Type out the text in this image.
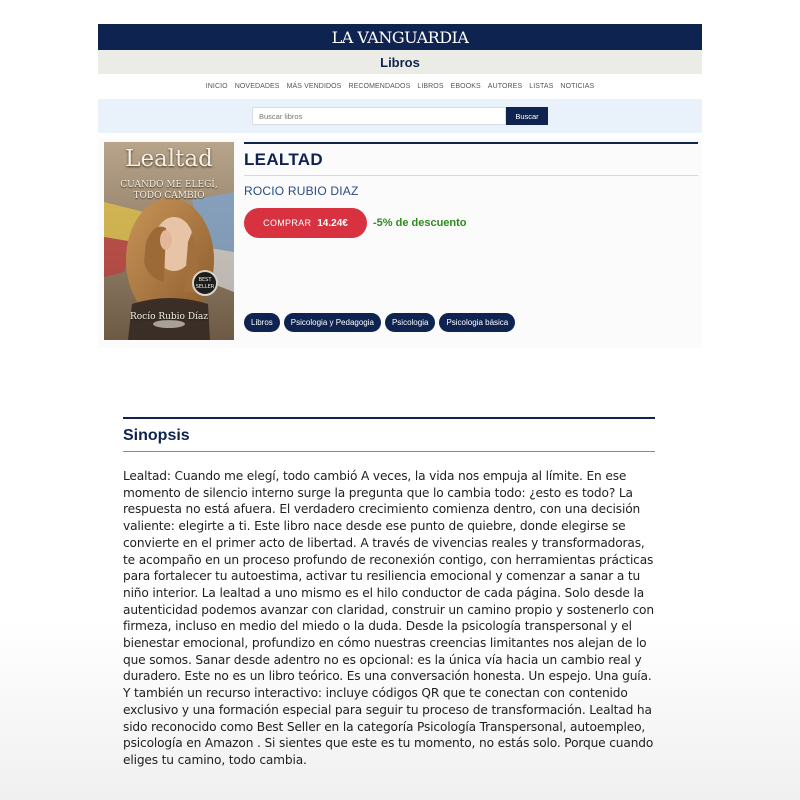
LA VANGUARDIA
Libros
INICIO NOVEDADES MÁS VENDIDOS RECOMENDADOS LIBROS EBOOKS AUTORES LISTAS NOTICIAS
Buscar libros
Buscar
Lealtad
CUANDO ME ELEGÍ,
TODO CAMBIÓ
BEST
SELLER
Rocío Rubio Díaz
LEALTAD
ROCIO RUBIO DIAZ
COMPRAR 14.24€ -5% de descuento
Libros	Psicologia y Pedagogia	Psicologia	Psicologia básica
Sinopsis

Lealtad: Cuando me elegí, todo cambió A veces, la vida nos empuja al límite. En ese momento de silencio interno surge la pregunta que lo cambia todo: ¿esto es todo? La respuesta no está afuera. El verdadero crecimiento comienza dentro, con una decisión valiente: elegirte a ti. Este libro nace desde ese punto de quiebre, donde elegirse se convierte en el primer acto de libertad. A través de vivencias reales y transformadoras, te acompaño en un proceso profundo de reconexión contigo, con herramientas prácticas para fortalecer tu autoestima, activar tu resiliencia emocional y comenzar a sanar a tu niño interior. La lealtad a uno mismo es el hilo conductor de cada página. Solo desde la autenticidad podemos avanzar con claridad, construir un camino propio y sostenerlo con firmeza, incluso en medio del miedo o la duda. Desde la psicología transpersonal y el bienestar emocional, profundizo en cómo nuestras creencias limitantes nos alejan de lo que somos. Sanar desde adentro no es opcional: es la única vía hacia un cambio real y duradero. Este no es un libro teórico. Es una conversación honesta. Un espejo. Una guía. Y también un recurso interactivo: incluye códigos QR que te conectan con contenido exclusivo y una formación especial para seguir tu proceso de transformación. Lealtad ha sido reconocido como Best Seller en la categoría Psicología Transpersonal, autoempleo, psicología en Amazon . Si sientes que este es tu momento, no estás solo. Porque cuando eliges tu camino, todo cambia.
